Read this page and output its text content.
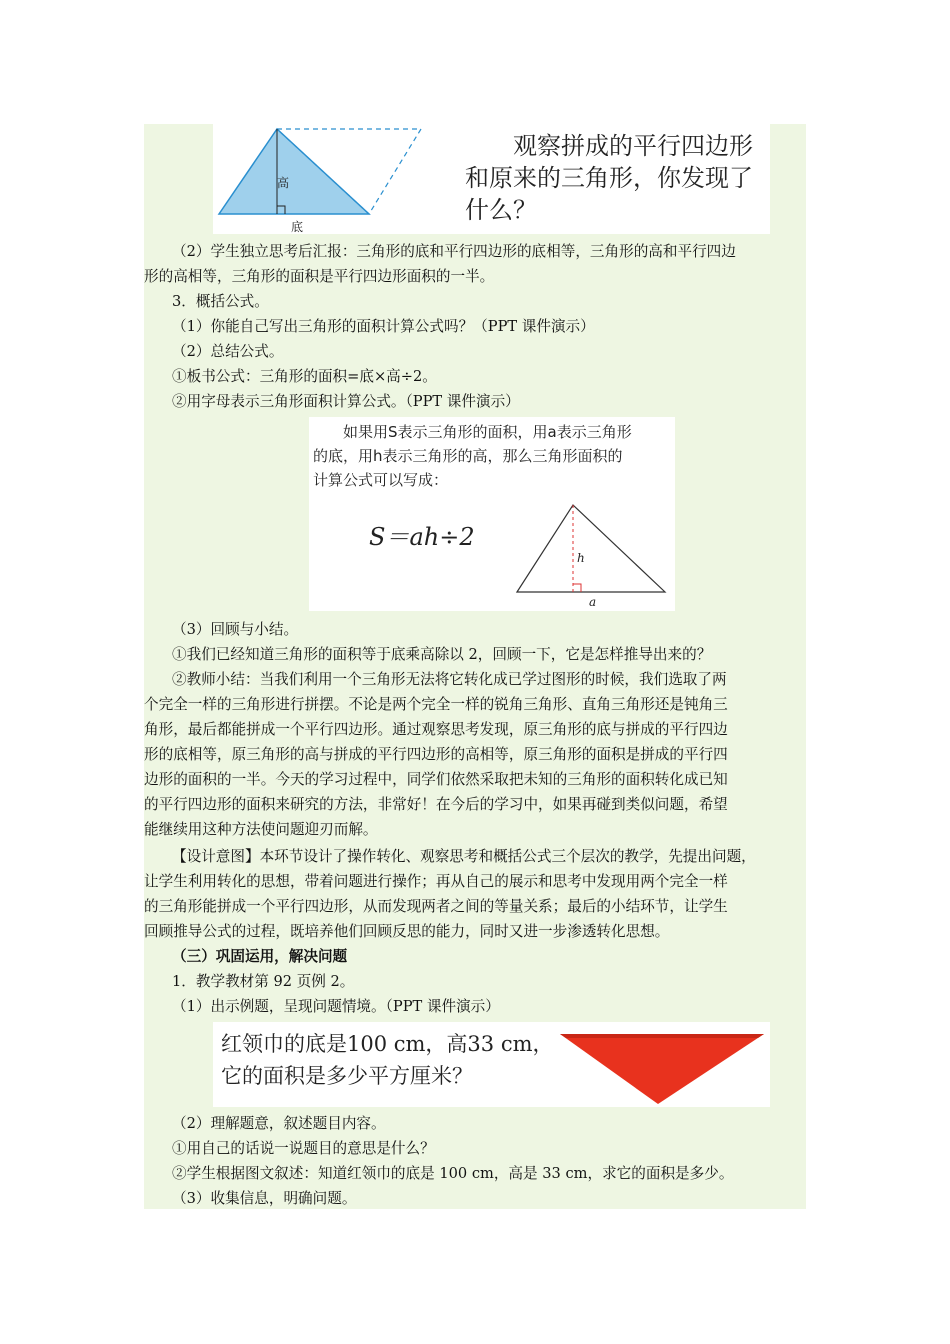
高
底
观察拼成的平行四边形
和原来的三角形，你发现了
什么？
（2）学生独立思考后汇报：三角形的底和平行四边形的底相等，三角形的高和平行四边
形的高相等，三角形的面积是平行四边形面积的一半。
3．概括公式。
（1）你能自己写出三角形的面积计算公式吗？（PPT 课件演示）
（2）总结公式。
①板书公式：三角形的面积=底×高÷2。
②用字母表示三角形面积计算公式。（PPT 课件演示）
如果用S表示三角形的面积，用a表示三角形
的底，用h表示三角形的高，那么三角形面积的
计算公式可以写成：
S＝ah÷2
h
a
（3）回顾与小结。
①我们已经知道三角形的面积等于底乘高除以 2，回顾一下，它是怎样推导出来的？
②教师小结：当我们利用一个三角形无法将它转化成已学过图形的时候，我们选取了两
个完全一样的三角形进行拼摆。不论是两个完全一样的锐角三角形、直角三角形还是钝角三
角形，最后都能拼成一个平行四边形。通过观察思考发现，原三角形的底与拼成的平行四边
形的底相等，原三角形的高与拼成的平行四边形的高相等，原三角形的面积是拼成的平行四
边形的面积的一半。今天的学习过程中，同学们依然采取把未知的三角形的面积转化成已知
的平行四边形的面积来研究的方法，非常好！在今后的学习中，如果再碰到类似问题，希望
能继续用这种方法使问题迎刃而解。
【设计意图】本环节设计了操作转化、观察思考和概括公式三个层次的教学，先提出问题，
让学生利用转化的思想，带着问题进行操作；再从自己的展示和思考中发现用两个完全一样
的三角形能拼成一个平行四边形，从而发现两者之间的等量关系；最后的小结环节，让学生
回顾推导公式的过程，既培养他们回顾反思的能力，同时又进一步渗透转化思想。
（三）巩固运用，解决问题
1．教学教材第 92 页例 2。
（1）出示例题，呈现问题情境。（PPT 课件演示）
红领巾的底是100 cm，高33 cm，
它的面积是多少平方厘米？
（2）理解题意，叙述题目内容。
①用自己的话说一说题目的意思是什么？
②学生根据图文叙述：知道红领巾的底是 100 cm，高是 33 cm，求它的面积是多少。
（3）收集信息，明确问题。
